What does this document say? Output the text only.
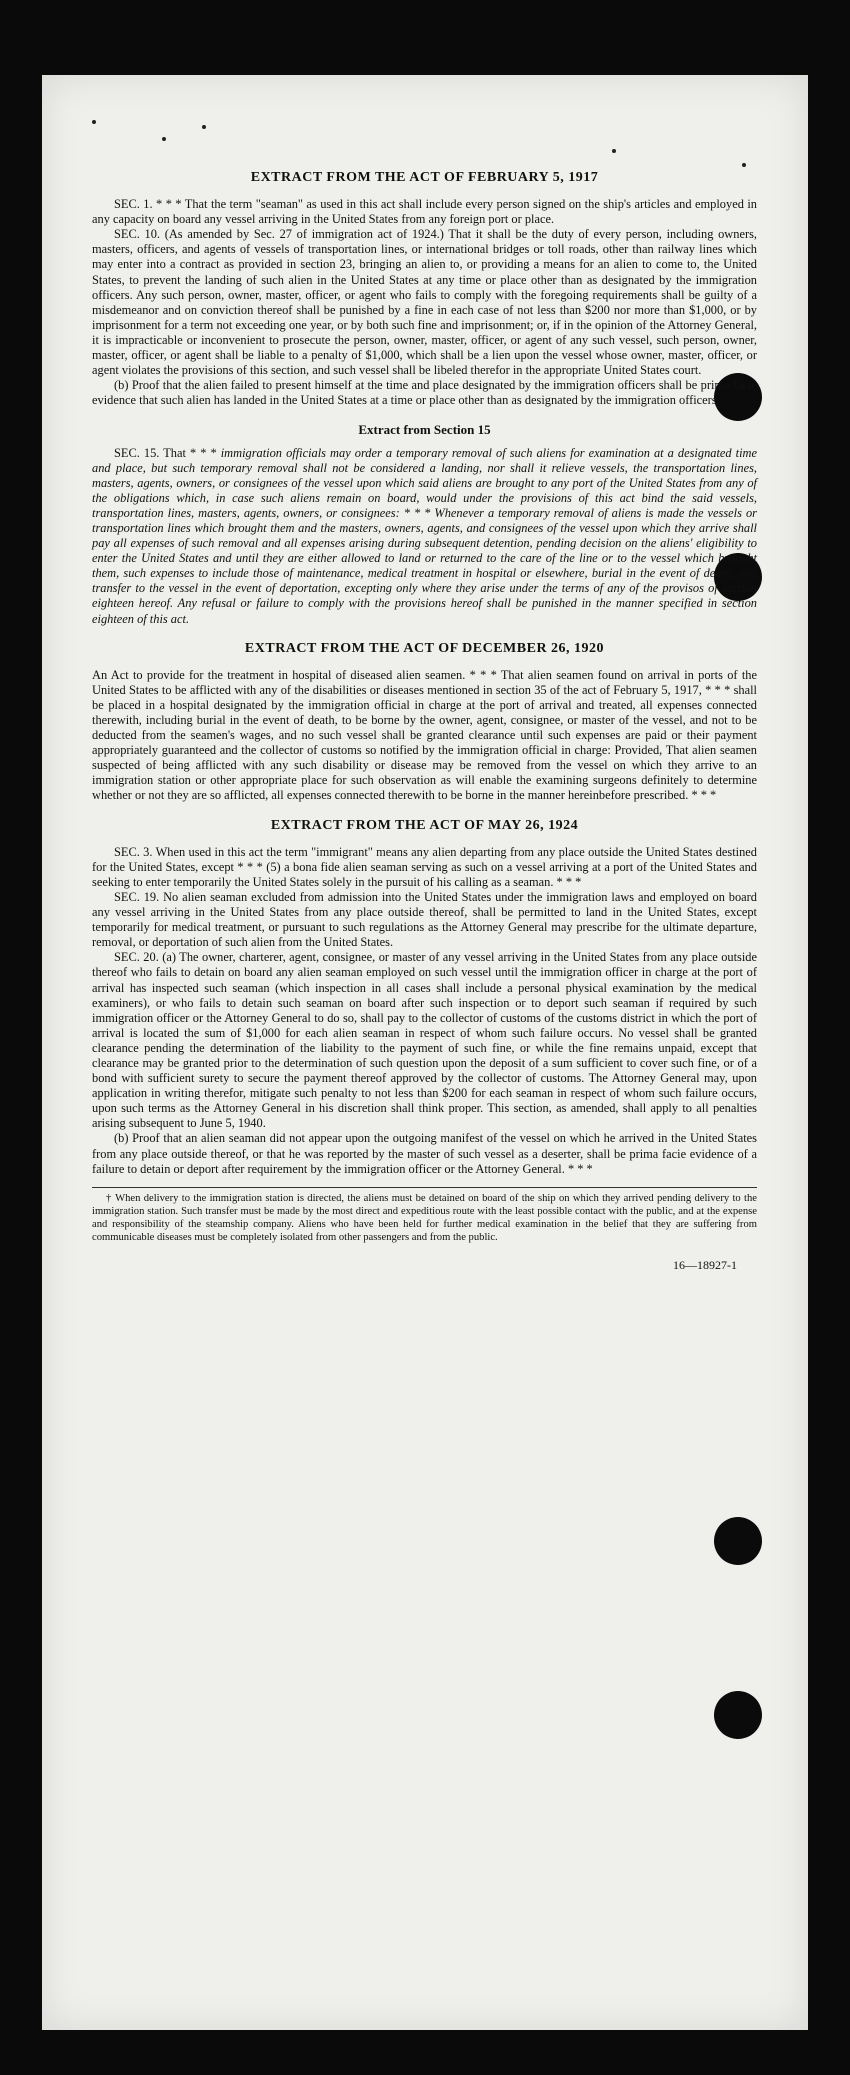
EXTRACT FROM THE ACT OF FEBRUARY 5, 1917

SEC. 1. * * * That the term "seaman" as used in this act shall include every person signed on the ship's articles and employed in any capacity on board any vessel arriving in the United States from any foreign port or place.

SEC. 10. (As amended by Sec. 27 of immigration act of 1924.) That it shall be the duty of every person, including owners, masters, officers, and agents of vessels of transportation lines, or international bridges or toll roads, other than railway lines which may enter into a contract as provided in section 23, bringing an alien to, or providing a means for an alien to come to, the United States, to prevent the landing of such alien in the United States at any time or place other than as designated by the immigration officers. Any such person, owner, master, officer, or agent who fails to comply with the foregoing requirements shall be guilty of a misdemeanor and on conviction thereof shall be punished by a fine in each case of not less than $200 nor more than $1,000, or by imprisonment for a term not exceeding one year, or by both such fine and imprisonment; or, if in the opinion of the Attorney General, it is impracticable or inconvenient to prosecute the person, owner, master, officer, or agent of any such vessel, such person, owner, master, officer, or agent shall be liable to a penalty of $1,000, which shall be a lien upon the vessel whose owner, master, officer, or agent violates the provisions of this section, and such vessel shall be libeled therefor in the appropriate United States court.

(b) Proof that the alien failed to present himself at the time and place designated by the immigration officers shall be prima facie evidence that such alien has landed in the United States at a time or place other than as designated by the immigration officers.

Extract from Section 15

SEC. 15. That * * * immigration officials may order a temporary removal of such aliens for examination at a designated time and place, but such temporary removal shall not be considered a landing, nor shall it relieve vessels, the transportation lines, masters, agents, owners, or consignees of the vessel upon which said aliens are brought to any port of the United States from any of the obligations which, in case such aliens remain on board, would under the provisions of this act bind the said vessels, transportation lines, masters, agents, owners, or consignees: * * * Whenever a temporary removal of aliens is made the vessels or transportation lines which brought them and the masters, owners, agents, and consignees of the vessel upon which they arrive shall pay all expenses of such removal and all expenses arising during subsequent detention, pending decision on the aliens' eligibility to enter the United States and until they are either allowed to land or returned to the care of the line or to the vessel which brought them, such expenses to include those of maintenance, medical treatment in hospital or elsewhere, burial in the event of death, and transfer to the vessel in the event of deportation, excepting only where they arise under the terms of any of the provisos of section eighteen hereof. Any refusal or failure to comply with the provisions hereof shall be punished in the manner specified in section eighteen of this act.

EXTRACT FROM THE ACT OF DECEMBER 26, 1920

An Act to provide for the treatment in hospital of diseased alien seamen. * * * That alien seamen found on arrival in ports of the United States to be afflicted with any of the disabilities or diseases mentioned in section 35 of the act of February 5, 1917, * * * shall be placed in a hospital designated by the immigration official in charge at the port of arrival and treated, all expenses connected therewith, including burial in the event of death, to be borne by the owner, agent, consignee, or master of the vessel, and not to be deducted from the seamen's wages, and no such vessel shall be granted clearance until such expenses are paid or their payment appropriately guaranteed and the collector of customs so notified by the immigration official in charge: Provided, That alien seamen suspected of being afflicted with any such disability or disease may be removed from the vessel on which they arrive to an immigration station or other appropriate place for such observation as will enable the examining surgeons definitely to determine whether or not they are so afflicted, all expenses connected therewith to be borne in the manner hereinbefore prescribed. * * *

EXTRACT FROM THE ACT OF MAY 26, 1924

SEC. 3. When used in this act the term "immigrant" means any alien departing from any place outside the United States destined for the United States, except * * * (5) a bona fide alien seaman serving as such on a vessel arriving at a port of the United States and seeking to enter temporarily the United States solely in the pursuit of his calling as a seaman. * * *

SEC. 19. No alien seaman excluded from admission into the United States under the immigration laws and employed on board any vessel arriving in the United States from any place outside thereof, shall be permitted to land in the United States, except temporarily for medical treatment, or pursuant to such regulations as the Attorney General may prescribe for the ultimate departure, removal, or deportation of such alien from the United States.

SEC. 20. (a) The owner, charterer, agent, consignee, or master of any vessel arriving in the United States from any place outside thereof who fails to detain on board any alien seaman employed on such vessel until the immigration officer in charge at the port of arrival has inspected such seaman (which inspection in all cases shall include a personal physical examination by the medical examiners), or who fails to detain such seaman on board after such inspection or to deport such seaman if required by such immigration officer or the Attorney General to do so, shall pay to the collector of customs of the customs district in which the port of arrival is located the sum of $1,000 for each alien seaman in respect of whom such failure occurs. No vessel shall be granted clearance pending the determination of the liability to the payment of such fine, or while the fine remains unpaid, except that clearance may be granted prior to the determination of such question upon the deposit of a sum sufficient to cover such fine, or of a bond with sufficient surety to secure the payment thereof approved by the collector of customs. The Attorney General may, upon application in writing therefor, mitigate such penalty to not less than $200 for each seaman in respect of whom such failure occurs, upon such terms as the Attorney General in his discretion shall think proper. This section, as amended, shall apply to all penalties arising subsequent to June 5, 1940.

(b) Proof that an alien seaman did not appear upon the outgoing manifest of the vessel on which he arrived in the United States from any place outside thereof, or that he was reported by the master of such vessel as a deserter, shall be prima facie evidence of a failure to detain or deport after requirement by the immigration officer or the Attorney General. * * *

† When delivery to the immigration station is directed, the aliens must be detained on board of the ship on which they arrived pending delivery to the immigration station. Such transfer must be made by the most direct and expeditious route with the least possible contact with the public, and at the expense and responsibility of the steamship company. Aliens who have been held for further medical examination in the belief that they are suffering from communicable diseases must be completely isolated from other passengers and from the public.
16—18927-1
